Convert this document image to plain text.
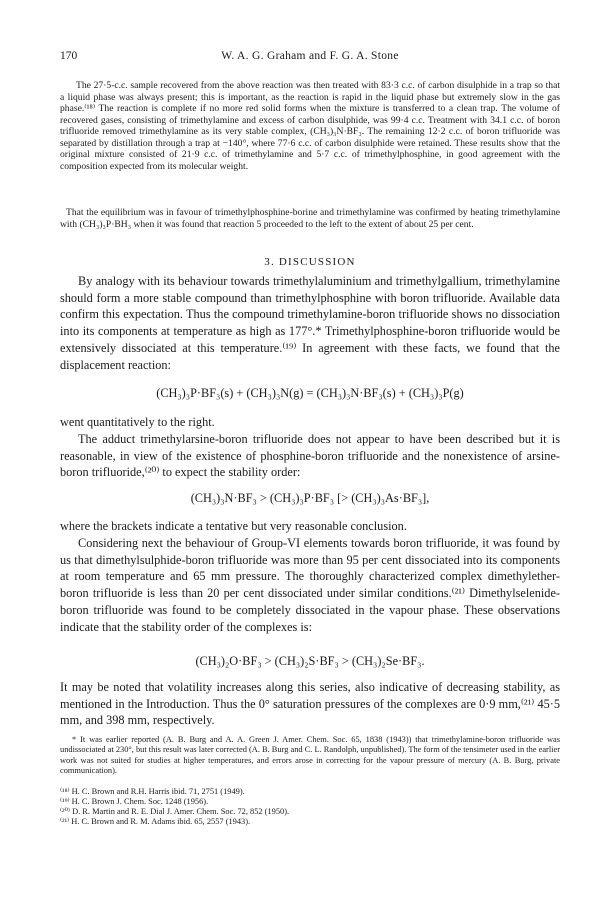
170	W. A. G. Graham and F. G. A. Stone

The 27·5-c.c. sample recovered from the above reaction was then treated with 83·3 c.c. of carbon disulphide in a trap so that a liquid phase was always present; this is important, as the reaction is rapid in the liquid phase but extremely slow in the gas phase.⁽¹⁸⁾ The reaction is complete if no more red solid forms when the mixture is transferred to a clean trap. The volume of recovered gases, consisting of trimethylamine and excess of carbon disulphide, was 99·4 c.c. Treatment with 34.1 c.c. of boron trifluoride removed trimethylamine as its very stable complex, (CH₃)₃N·BF₃. The remaining 12·2 c.c. of boron trifluoride was separated by distillation through a trap at −140°, where 77·6 c.c. of carbon disulphide were retained. These results show that the original mixture consisted of 21·9 c.c. of trimethylamine and 5·7 c.c. of trimethylphosphine, in good agreement with the composition expected from its molecular weight.

That the equilibrium was in favour of trimethylphosphine-borine and trimethylamine was confirmed by heating trimethylamine with (CH₃)₃P·BH₃ when it was found that reaction 5 proceeded to the left to the extent of about 25 per cent.

3. DISCUSSION

By analogy with its behaviour towards trimethylaluminium and trimethylgallium, trimethylamine should form a more stable compound than trimethylphosphine with boron trifluoride. Available data confirm this expectation. Thus the compound trimethylamine-boron trifluoride shows no dissociation into its components at temperature as high as 177°.* Trimethylphosphine-boron trifluoride would be extensively dissociated at this temperature.⁽¹⁹⁾ In agreement with these facts, we found that the displacement reaction:

(CH₃)₃P·BF₃(s) + (CH₃)₃N(g) = (CH₃)₃N·BF₃(s) + (CH₃)₃P(g)

went quantitatively to the right.

The adduct trimethylarsine-boron trifluoride does not appear to have been described but it is reasonable, in view of the existence of phosphine-boron trifluoride and the nonexistence of arsine-boron trifluoride,⁽²⁰⁾ to expect the stability order:

(CH₃)₃N·BF₃ > (CH₃)₃P·BF₃ [> (CH₃)₃As·BF₃],

where the brackets indicate a tentative but very reasonable conclusion.

Considering next the behaviour of Group-VI elements towards boron trifluoride, it was found by us that dimethylsulphide-boron trifluoride was more than 95 per cent dissociated into its components at room temperature and 65 mm pressure. The thoroughly characterized complex dimethylether-boron trifluoride is less than 20 per cent dissociated under similar conditions.⁽²¹⁾ Dimethylselenide-boron trifluoride was found to be completely dissociated in the vapour phase. These observations indicate that the stability order of the complexes is:

(CH₃)₂O·BF₃ > (CH₃)₂S·BF₃ > (CH₃)₂Se·BF₃.

It may be noted that volatility increases along this series, also indicative of decreasing stability, as mentioned in the Introduction. Thus the 0° saturation pressures of the complexes are 0·9 mm,⁽²¹⁾ 45·5 mm, and 398 mm, respectively.

* It was earlier reported (A. B. Burg and A. A. Green J. Amer. Chem. Soc. 65, 1838 (1943)) that trimethylamine-boron trifluoride was undissociated at 230°, but this result was later corrected (A. B. Burg and C. L. Randolph, unpublished). The form of the tensimeter used in the earlier work was not suited for studies at higher temperatures, and errors arose in correcting for the vapour pressure of mercury (A. B. Burg, private communication).

⁽¹⁸⁾ H. C. Brown and R.H. Harris ibid. 71, 2751 (1949).

⁽¹⁹⁾ H. C. Brown J. Chem. Soc. 1248 (1956).

⁽²⁰⁾ D. R. Martin and R. E. Dial J. Amer. Chem. Soc. 72, 852 (1950).

⁽²¹⁾ H. C. Brown and R. M. Adams ibid. 65, 2557 (1943).
